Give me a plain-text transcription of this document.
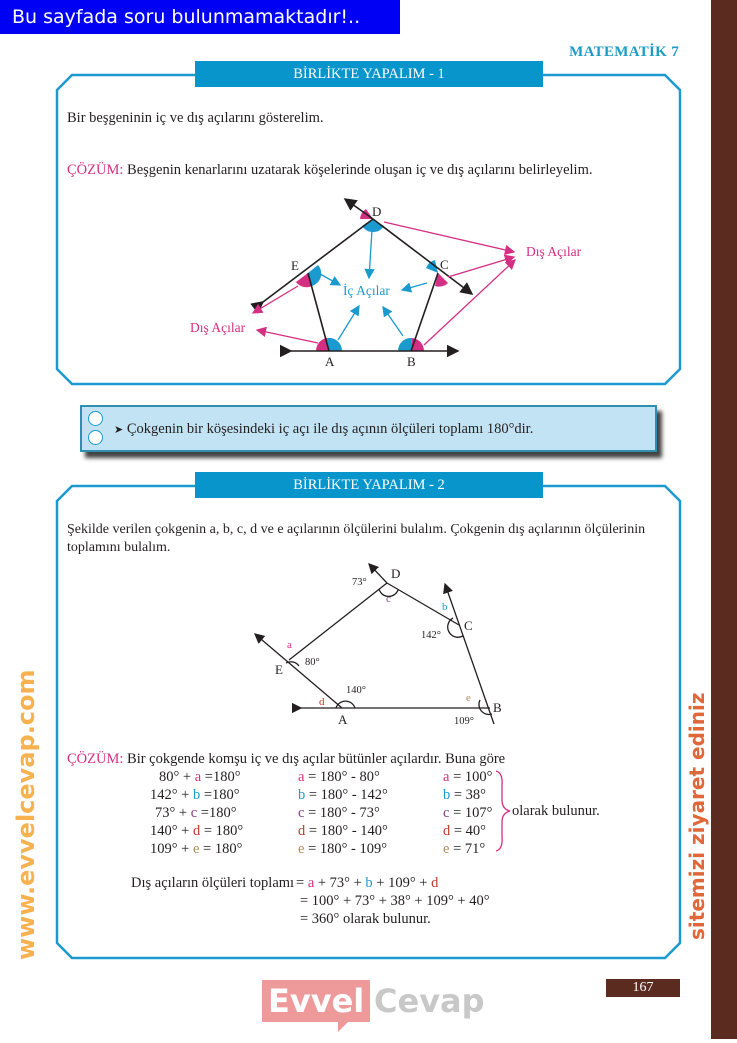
Bu sayfada soru bulunmamaktadır!..
MATEMATİK 7
BİRLİKTE YAPALIM - 1
Bir beşgeninin iç ve dış açılarını gösterelim.
ÇÖZÜM: Beşgenin kenarlarını uzatarak köşelerinde oluşan iç ve dış açılarını belirleyelim.
D
E	C
A	B
İç Açılar
Dış Açılar
Dış Açılar
➤ Çokgenin bir köşesindeki iç açı ile dış açının ölçüleri toplamı 180°dir.
BİRLİKTE YAPALIM - 2
Şekilde verilen çokgenin a, b, c, d ve e açılarının ölçülerini bulalım. Çokgenin dış açılarının ölçülerinin
toplamını bulalım.
D
C
E
A
B
73°
142°
80°
140°
109°
a
b
c
d	e
ÇÖZÜM: Bir çokgende komşu iç ve dış açılar bütünler açılardır. Buna göre
80° + a =180°	a = 180° - 80°	a = 100°
142° + b =180°	b = 180° - 142°	b = 38°
73° + c =180°	c = 180° - 73°	c = 107°
140° + d = 180°	d = 180° - 140°	d = 40°
109° + e = 180°	e = 180° - 109°	e = 71°
olarak bulunur.
Dış açıların ölçüleri toplamı = a + 73° + b + 109° + d
= 100° + 73° + 38° + 109° + 40°
= 360° olarak bulunur.
167
Evvel Cevap
www.evvelcevap.com	sitemizi ziyaret ediniz
